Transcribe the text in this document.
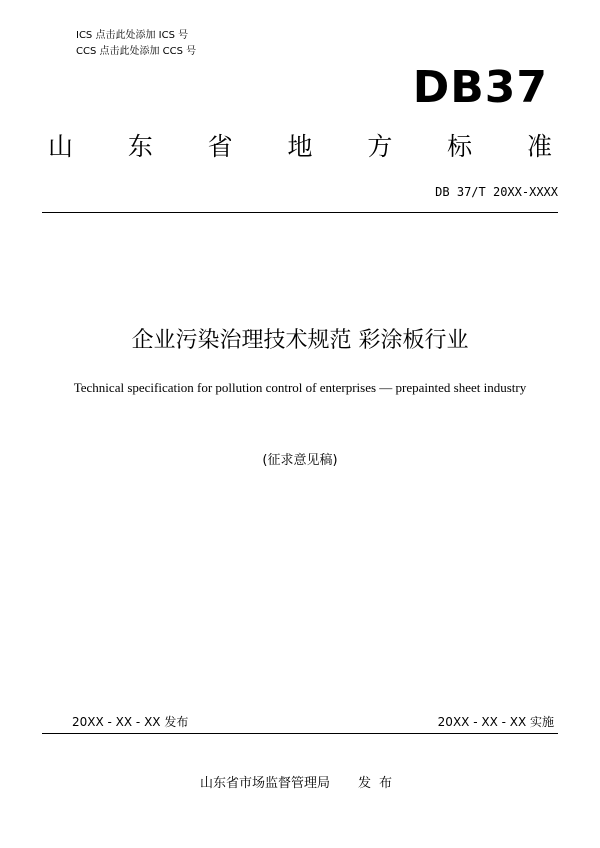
ICS 点击此处添加 ICS 号
CCS 点击此处添加 CCS 号
DB37
山 东 省 地 方 标 准
DB 37/T 20XX-XXXX
企业污染治理技术规范 彩涂板行业
Technical specification for pollution control of enterprises — prepainted sheet industry
(征求意见稿)
20XX - XX - XX 发布	20XX - XX - XX 实施
山东省市场监督管理局 发布
